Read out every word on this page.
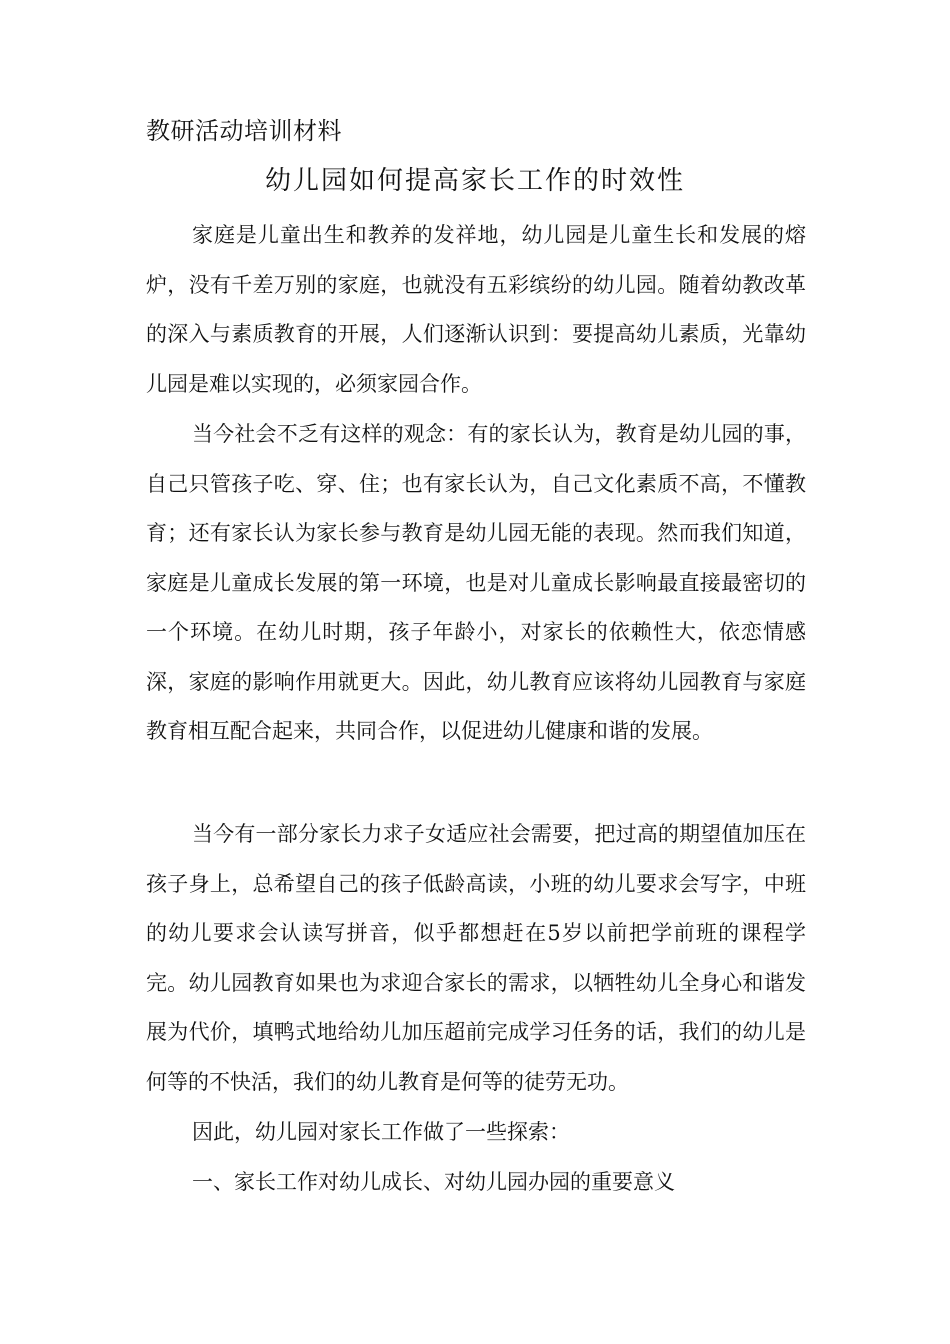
教研活动培训材料
幼儿园如何提高家长工作的时效性

家庭是儿童出生和教养的发祥地，幼儿园是儿童生长和发展的熔炉，没有千差万别的家庭，也就没有五彩缤纷的幼儿园。随着幼教改革的深入与素质教育的开展，人们逐渐认识到：要提高幼儿素质，光靠幼儿园是难以实现的，必须家园合作。

当今社会不乏有这样的观念：有的家长认为，教育是幼儿园的事，自己只管孩子吃、穿、住；也有家长认为，自己文化素质不高，不懂教育；还有家长认为家长参与教育是幼儿园无能的表现。然而我们知道，家庭是儿童成长发展的第一环境，也是对儿童成长影响最直接最密切的一个环境。在幼儿时期，孩子年龄小，对家长的依赖性大，依恋情感深，家庭的影响作用就更大。因此，幼儿教育应该将幼儿园教育与家庭教育相互配合起来，共同合作，以促进幼儿健康和谐的发展。

当今有一部分家长力求子女适应社会需要，把过高的期望值加压在孩子身上，总希望自己的孩子低龄高读，小班的幼儿要求会写字，中班的幼儿要求会认读写拼音，似乎都想赶在5岁以前把学前班的课程学完。幼儿园教育如果也为求迎合家长的需求，以牺牲幼儿全身心和谐发展为代价，填鸭式地给幼儿加压超前完成学习任务的话，我们的幼儿是何等的不快活，我们的幼儿教育是何等的徒劳无功。

因此，幼儿园对家长工作做了一些探索：

一、家长工作对幼儿成长、对幼儿园办园的重要意义
